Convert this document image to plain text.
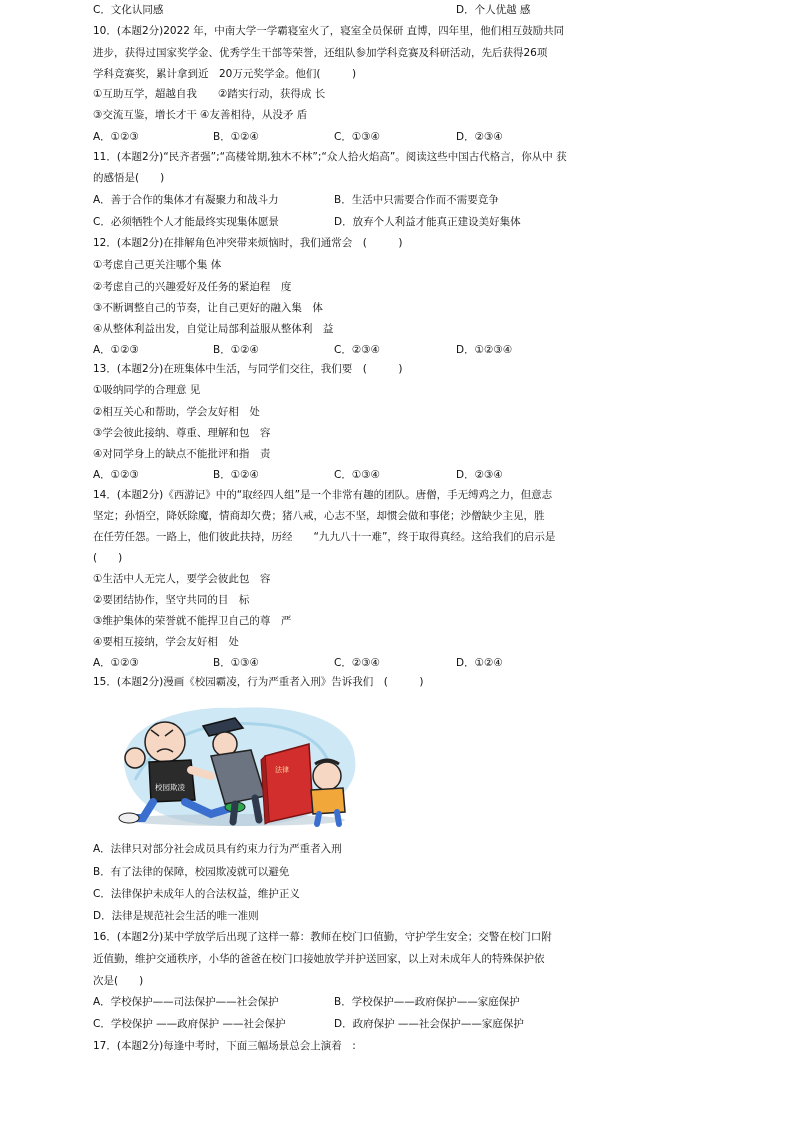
C．文化认同感	D．个人优越 感
10．(本题2分)2022 年，中南大学一学霸寝室火了，寝室全员保研 直博，四年里，他们相互鼓励共同
进步，获得过国家奖学金、优秀学生干部等荣誉，还组队参加学科竞赛及科研活动，先后获得26项
学科竞赛奖，累计拿到近　20万元奖学金。他们(　　　)
①互助互学，超越自我 ②踏实行动，获得成 长
③交流互鉴，增长才干 ④友善相待，从没矛 盾
A．①②③	B．①②④	C．①③④	D．②③④
11．(本题2分)“民齐者强”;“高楼耸期,独木不林”;“众人拾火焰高”。阅读这些中国古代格言，你从中 获
的感悟是(　　)
A．善于合作的集体才有凝聚力和战斗力	B．生活中只需要合作而不需要竞争
C．必须牺牲个人才能最终实现集体愿景	D．放弃个人利益才能真正建设美好集体
12．(本题2分)在排解角色冲突带来烦恼时，我们通常会　(　　　)
①考虑自己更关注哪个集 体
②考虑自己的兴趣爱好及任务的紧迫程　度
③不断调整自己的节奏，让自己更好的融入集　体
④从整体利益出发，自觉让局部利益服从整体利　益
A．①②③	B．①②④	C．②③④	D．①②③④
13．(本题2分)在班集体中生活，与同学们交往，我们要　(　　　)
①吸纳同学的合理意 见
②相互关心和帮助，学会友好相　处
③学会彼此接纳、尊重、理解和包　容
④对同学身上的缺点不能批评和指　责
A．①②③	B．①②④	C．①③④	D．②③④
14．(本题2分)《西游记》中的“取经四人组”是一个非常有趣的团队。唐僧，手无缚鸡之力，但意志
坚定；孙悟空，降妖除魔，情商却欠费；猪八戒，心志不坚，却惯会做和事佬；沙僧缺少主见，胜
在任劳任怨。一路上，他们彼此扶持，历经　　“九九八十一难”，终于取得真经。这给我们的启示是
(　　)
①生活中人无完人，要学会彼此包　容
②要团结协作，坚守共同的目　标
③维护集体的荣誉就不能捍卫自己的尊　严
④要相互接纳，学会友好相　处
A．①②③	B．①③④	C．②③④	D．①②④
15．(本题2分)漫画《校园霸凌，行为严重者入刑》告诉我们　(　　　)
校园欺凌
法律
A．法律只对部分社会成员具有约束力行为严重者入刑
B．有了法律的保障，校园欺凌就可以避免
C．法律保护未成年人的合法权益，维护正义
D．法律是规范社会生活的唯一准则
16．(本题2分)某中学放学后出现了这样一幕：教师在校门口值勤，守护学生安全；交警在校门口附
近值勤，维护交通秩序，小华的爸爸在校门口接她放学并护送回家，以上对未成年人的特殊保护依
次是(　　)
A．学校保护——司法保护——社会保护	B．学校保护——政府保护——家庭保护
C．学校保护 ——政府保护 ——社会保护	D．政府保护 ——社会保护——家庭保护
17．(本题2分)每逢中考时，下面三幅场景总会上演着　:
